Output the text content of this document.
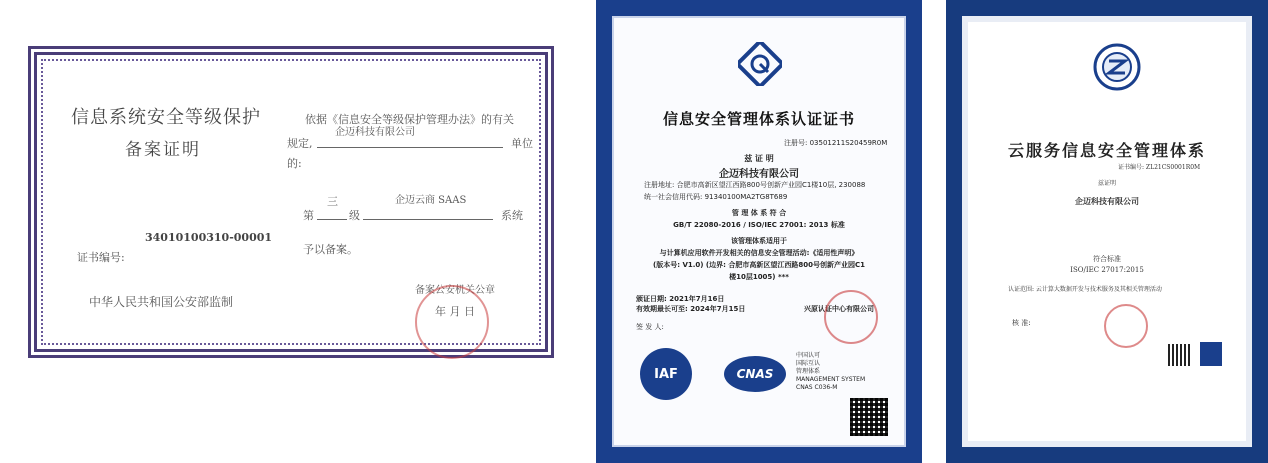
信息系统安全等级保护
备案证明
依据《信息安全等级保护管理办法》的有关
规定,
企迈科技有限公司
单位
的:
三	企迈云商 SAAS
第	级	系统
34010100310-00001
证书编号:
予以备案。
中华人民共和国公安部监制
备案公安机关公章
年 月 日
信息安全管理体系认证证书
注册号: 03501211S20459R0M
兹 证 明
企迈科技有限公司
注册地址: 合肥市高新区望江西路800号创新产业园C1楼10层, 230088
统一社会信用代码: 91340100MA2TG8T689
管 理 体 系 符 合
GB/T 22080-2016 / ISO/IEC 27001: 2013 标准
该管理体系适用于
与计算机应用软件开发相关的信息安全管理活动:《适用性声明》
(版本号: V1.0) (边界: 合肥市高新区望江西路800号创新产业园C1
楼10层1005) ***
颁证日期: 2021年7月16日
有效期最长可至: 2024年7月15日	兴原认证中心有限公司
签 发 人:
IAF	CNAS
中国认可
国际互认
管理体系
MANAGEMENT SYSTEM
CNAS C036-M
云服务信息安全管理体系
证书编号: ZL21CS0001R0M
兹证明
企迈科技有限公司
符合标准
ISO/IEC 27017:2015
认证范围: 云计算大数据开发与技术服务及其相关管理活动
核 准:
